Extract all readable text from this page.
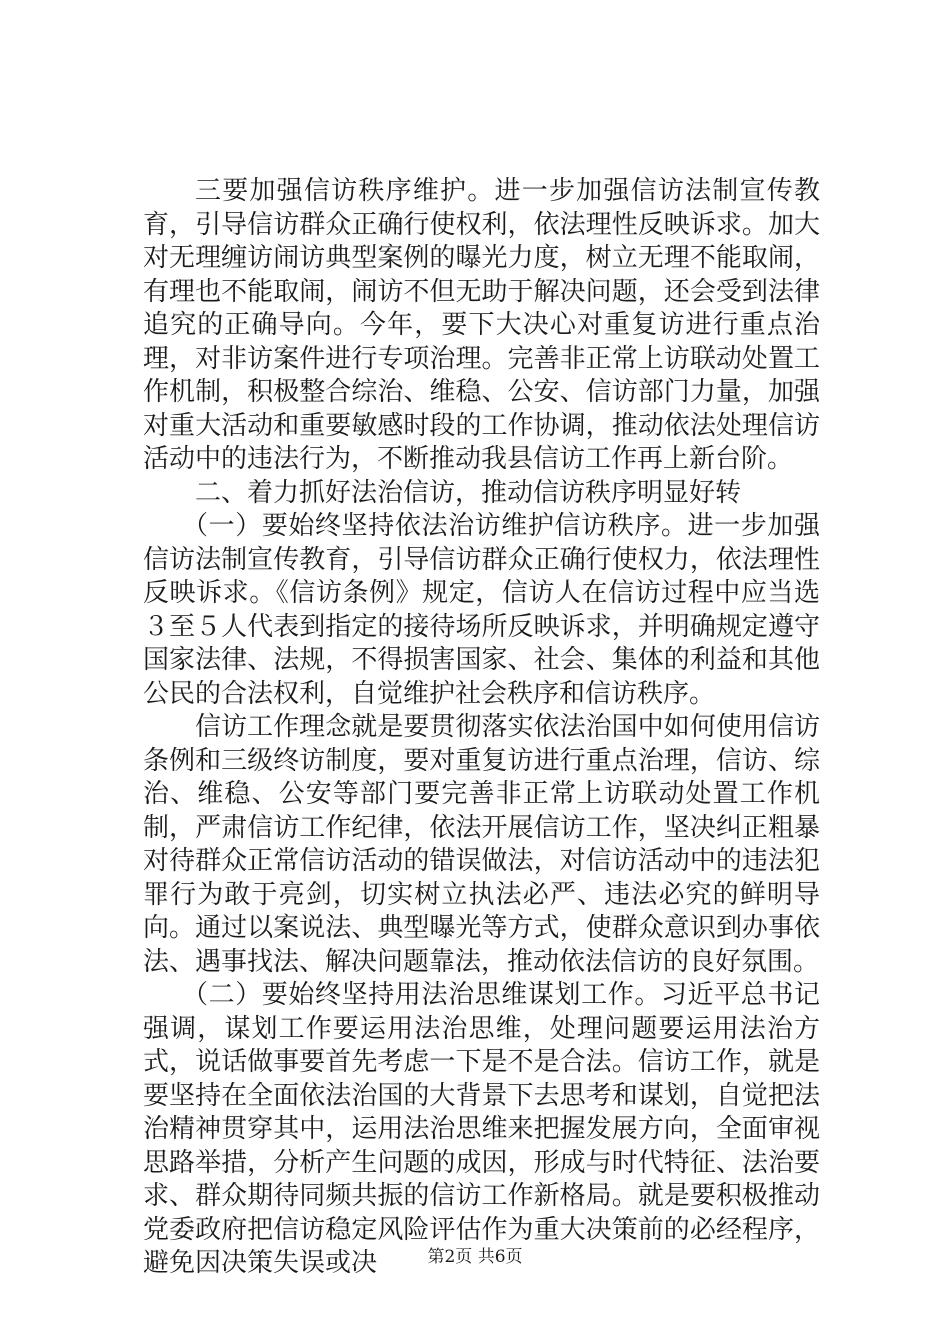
三要加强信访秩序维护。进一步加强信访法制宣传教育，引导信访群众正确行使权利，依法理性反映诉求。加大对无理缠访闹访典型案例的曝光力度，树立无理不能取闹，有理也不能取闹，闹访不但无助于解决问题，还会受到法律追究的正确导向。今年，要下大决心对重复访进行重点治理，对非访案件进行专项治理。完善非正常上访联动处置工作机制，积极整合综治、维稳、公安、信访部门力量，加强对重大活动和重要敏感时段的工作协调，推动依法处理信访活动中的违法行为，不断推动我县信访工作再上新台阶。

二、着力抓好法治信访，推动信访秩序明显好转

（一）要始终坚持依法治访维护信访秩序。进一步加强信访法制宣传教育，引导信访群众正确行使权力，依法理性反映诉求。《信访条例》规定，信访人在信访过程中应当选３至５人代表到指定的接待场所反映诉求，并明确规定遵守国家法律、法规，不得损害国家、社会、集体的利益和其他公民的合法权利，自觉维护社会秩序和信访秩序。

信访工作理念就是要贯彻落实依法治国中如何使用信访条例和三级终访制度，要对重复访进行重点治理，信访、综治、维稳、公安等部门要完善非正常上访联动处置工作机制，严肃信访工作纪律，依法开展信访工作，坚决纠正粗暴对待群众正常信访活动的错误做法，对信访活动中的违法犯罪行为敢于亮剑，切实树立执法必严、违法必究的鲜明导向。通过以案说法、典型曝光等方式，使群众意识到办事依法、遇事找法、解决问题靠法，推动依法信访的良好氛围。

（二）要始终坚持用法治思维谋划工作。习近平总书记强调，谋划工作要运用法治思维，处理问题要运用法治方式，说话做事要首先考虑一下是不是合法。信访工作，就是要坚持在全面依法治国的大背景下去思考和谋划，自觉把法治精神贯穿其中，运用法治思维来把握发展方向，全面审视思路举措，分析产生问题的成因，形成与时代特征、法治要求、群众期待同频共振的信访工作新格局。就是要积极推动党委政府把信访稳定风险评估作为重大决策前的必经程序，避免因决策失误或决	第2页 共6页
